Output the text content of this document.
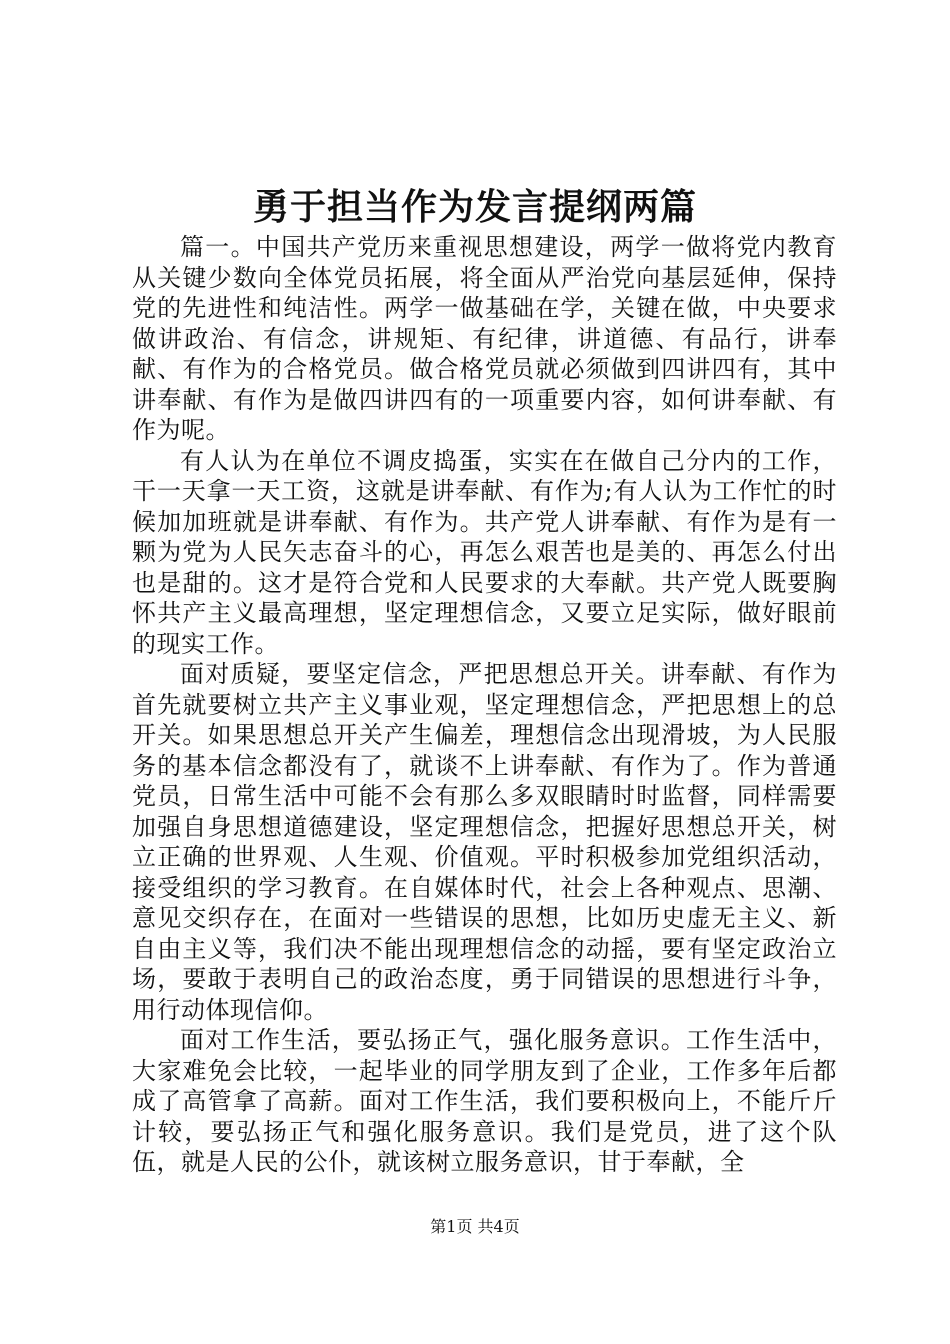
勇于担当作为发言提纲两篇

篇一。中国共产党历来重视思想建设，两学一做将党内教育从关键少数向全体党员拓展，将全面从严治党向基层延伸，保持党的先进性和纯洁性。两学一做基础在学，关键在做，中央要求做讲政治、有信念，讲规矩、有纪律，讲道德、有品行，讲奉献、有作为的合格党员。做合格党员就必须做到四讲四有，其中讲奉献、有作为是做四讲四有的一项重要内容，如何讲奉献、有作为呢。

有人认为在单位不调皮捣蛋，实实在在做自己分内的工作，干一天拿一天工资，这就是讲奉献、有作为;有人认为工作忙的时候加加班就是讲奉献、有作为。共产党人讲奉献、有作为是有一颗为党为人民矢志奋斗的心，再怎么艰苦也是美的、再怎么付出也是甜的。这才是符合党和人民要求的大奉献。共产党人既要胸怀共产主义最高理想，坚定理想信念，又要立足实际，做好眼前的现实工作。

面对质疑，要坚定信念，严把思想总开关。讲奉献、有作为首先就要树立共产主义事业观，坚定理想信念，严把思想上的总开关。如果思想总开关产生偏差，理想信念出现滑坡，为人民服务的基本信念都没有了，就谈不上讲奉献、有作为了。作为普通党员，日常生活中可能不会有那么多双眼睛时时监督，同样需要加强自身思想道德建设，坚定理想信念，把握好思想总开关，树立正确的世界观、人生观、价值观。平时积极参加党组织活动，接受组织的学习教育。在自媒体时代，社会上各种观点、思潮、意见交织存在，在面对一些错误的思想，比如历史虚无主义、新自由主义等，我们决不能出现理想信念的动摇，要有坚定政治立场，要敢于表明自己的政治态度，勇于同错误的思想进行斗争，用行动体现信仰。

面对工作生活，要弘扬正气，强化服务意识。工作生活中，大家难免会比较，一起毕业的同学朋友到了企业，工作多年后都成了高管拿了高薪。面对工作生活，我们要积极向上，不能斤斤计较，要弘扬正气和强化服务意识。我们是党员，进了这个队伍，就是人民的公仆，就该树立服务意识，甘于奉献，全

第1页 共4页
